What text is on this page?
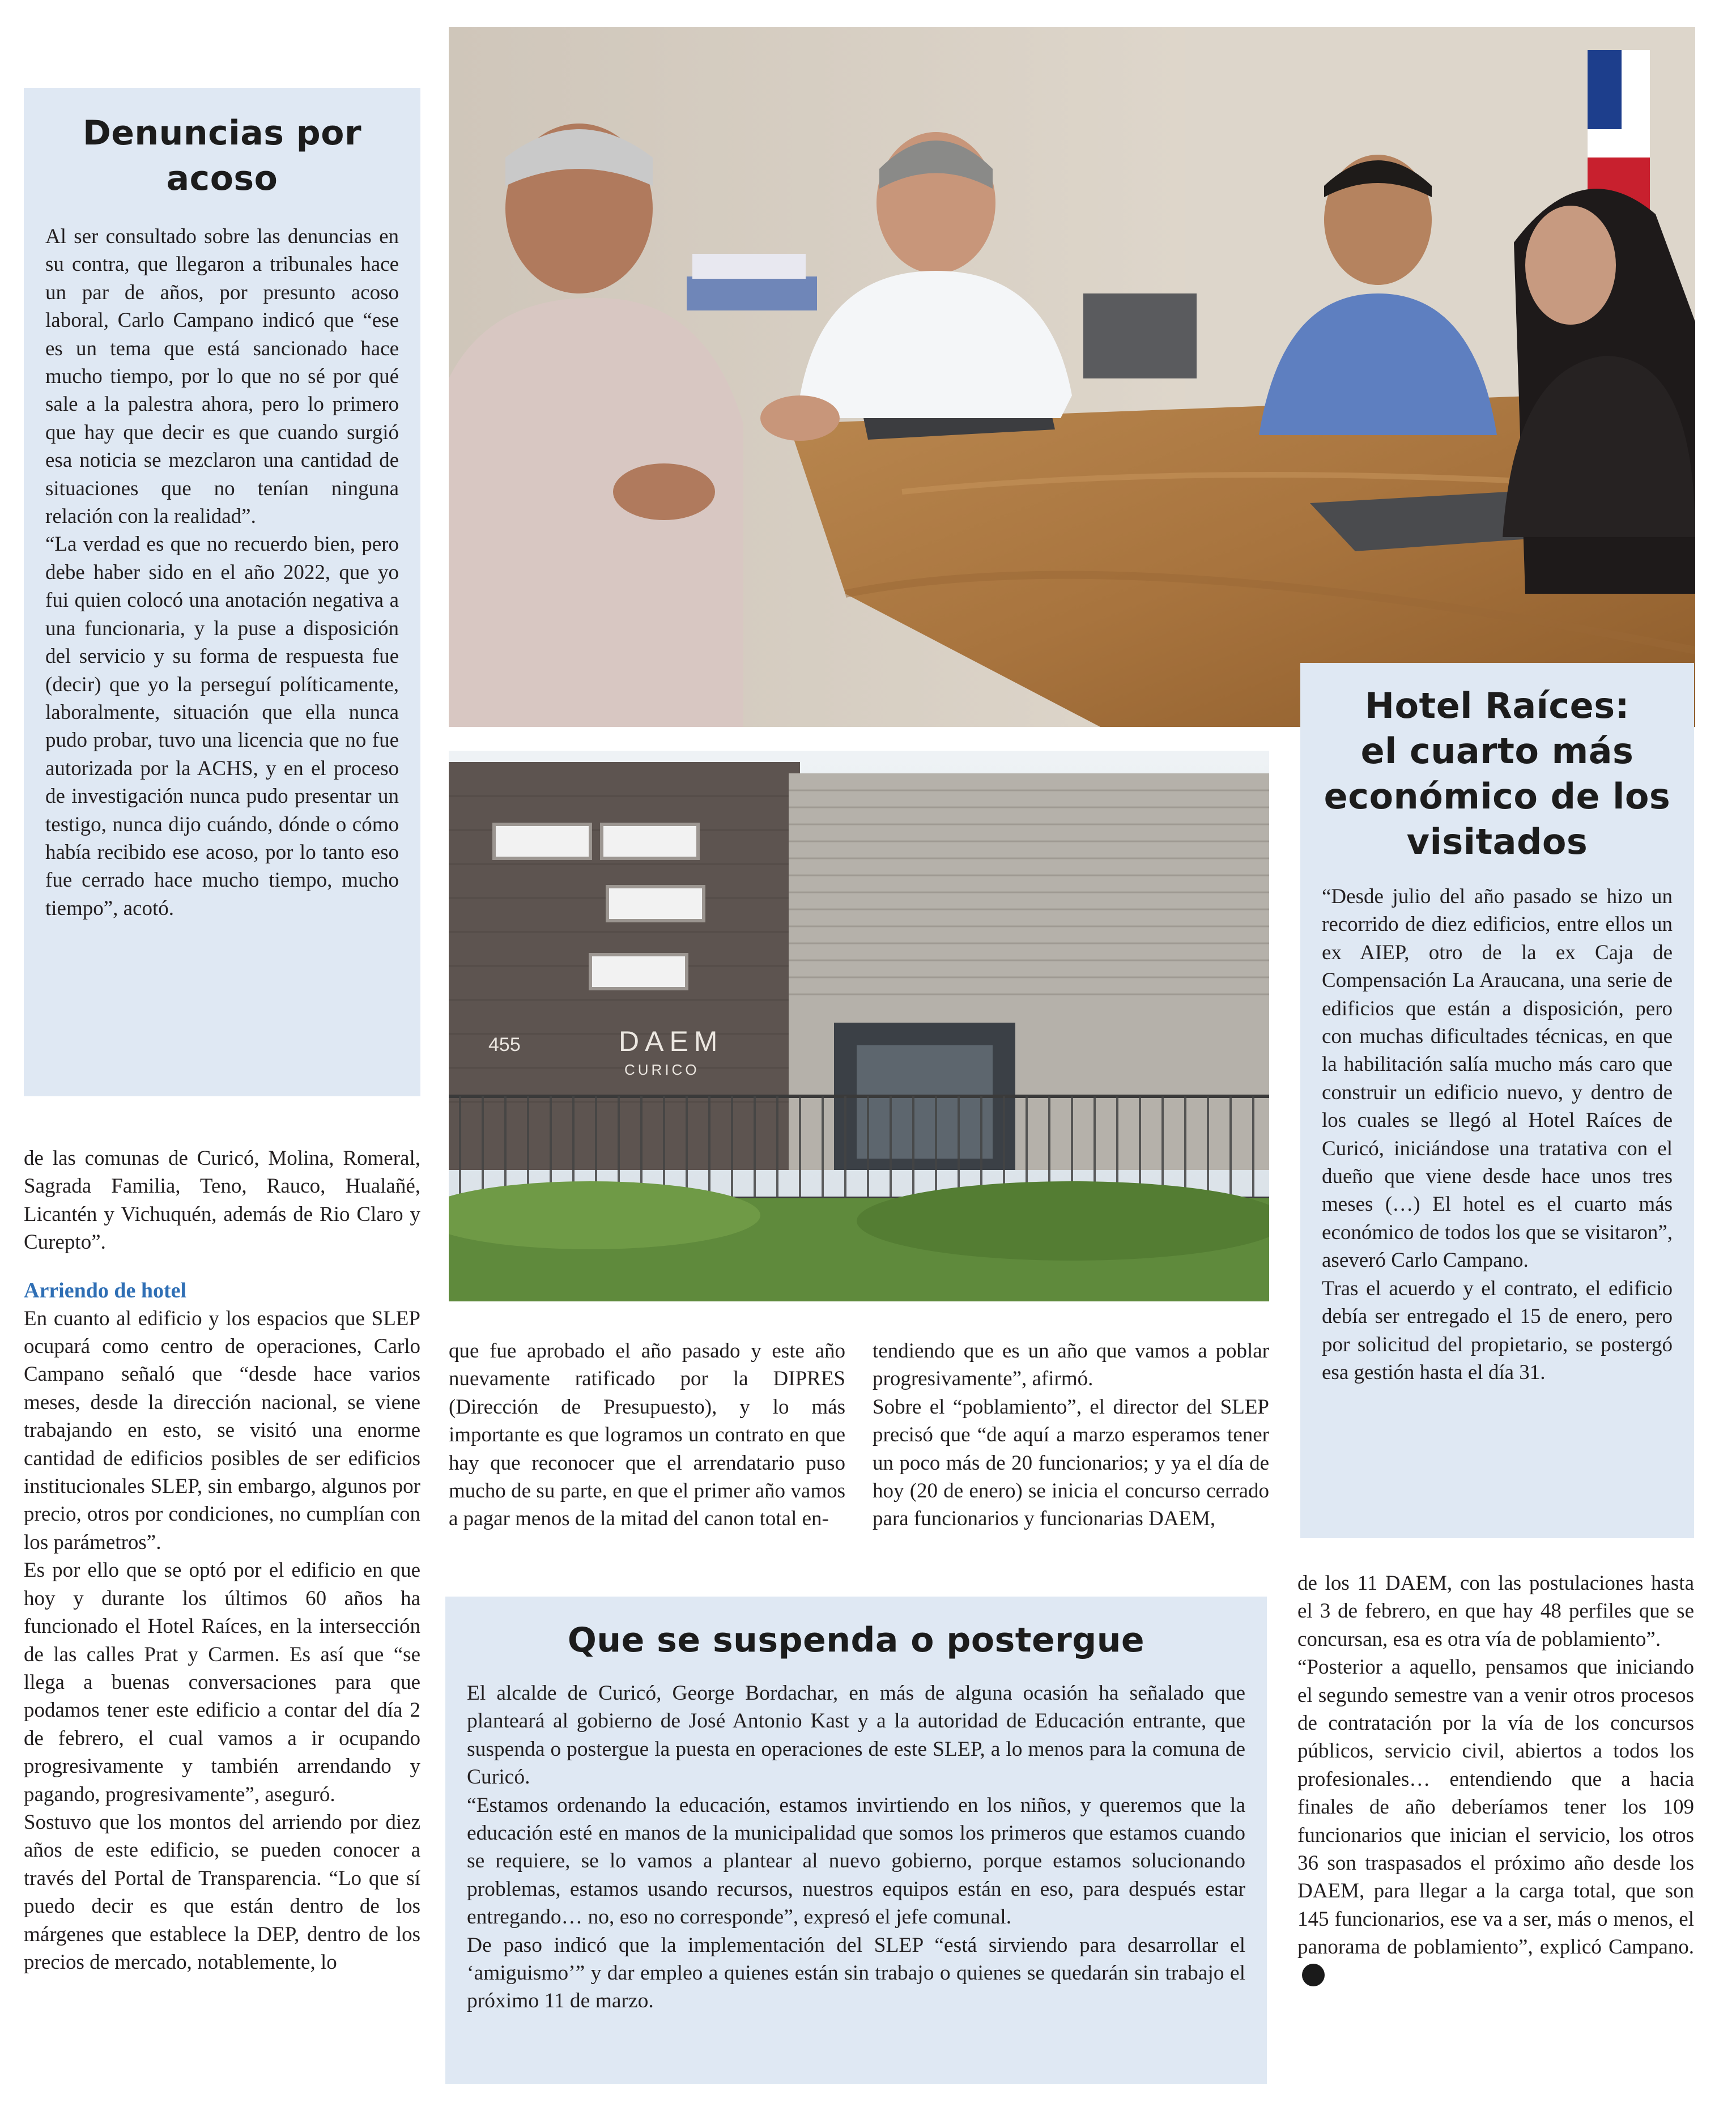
Denuncias por acoso

Al ser consultado sobre las denuncias en su contra, que llegaron a tribunales hace un par de años, por presunto acoso laboral, Carlo Campano indicó que “ese es un tema que está sancionado hace mucho tiempo, por lo que no sé por qué sale a la palestra ahora, pero lo primero que hay que decir es que cuando surgió esa noticia se mezclaron una cantidad de situaciones que no tenían ninguna relación con la realidad”.

“La verdad es que no recuerdo bien, pero debe haber sido en el año 2022, que yo fui quien colocó una anotación negativa a una funcionaria, y la puse a disposición del servicio y su forma de respuesta fue (decir) que yo la perseguí políticamente, laboralmente, situación que ella nunca pudo probar, tuvo una licencia que no fue autorizada por la ACHS, y en el proceso de investigación nunca pudo presentar un testigo, nunca dijo cuándo, dónde o cómo había recibido ese acoso, por lo tanto eso fue cerrado hace mucho tiempo, mucho tiempo”, acotó.

455	DAEM
CURICO
Hotel Raíces:
el cuarto más
económico de los
visitados

“Desde julio del año pasado se hizo un recorrido de diez edificios, entre ellos un ex AIEP, otro de la ex Caja de Compensación La Araucana, una serie de edificios que están a disposición, pero con muchas dificultades técnicas, en que la habilitación salía mucho más caro que construir un edificio nuevo, y dentro de los cuales se llegó al Hotel Raíces de Curicó, iniciándose una tratativa con el dueño que viene desde hace unos tres meses (…) El hotel es el cuarto más económico de todos los que se visitaron”, aseveró Carlo Campano.

Tras el acuerdo y el contrato, el edificio debía ser entregado el 15 de enero, pero por solicitud del propietario, se postergó esa gestión hasta el día 31.

de las comunas de Curicó, Molina, Romeral, Sagrada Familia, Teno, Rauco, Hualañé, Licantén y Vichuquén, además de Rio Claro y Curepto”.

Arriendo de hotel

En cuanto al edificio y los espacios que SLEP ocupará como centro de operaciones, Carlo Campano señaló que “desde hace varios meses, desde la dirección nacional, se viene trabajando en esto, se visitó una enorme cantidad de edificios posibles de ser edificios institucionales SLEP, sin embargo, algunos por precio, otros por condiciones, no cumplían con los parámetros”.

Es por ello que se optó por el edificio en que hoy y durante los últimos 60 años ha funcionado el Hotel Raíces, en la intersección de las calles Prat y Carmen. Es así que “se llega a buenas conversaciones para que podamos tener este edificio a contar del día 2 de febrero, el cual vamos a ir ocupando progresivamente y también arrendando y pagando, progresivamente”, aseguró.

Sostuvo que los montos del arriendo por diez años de este edificio, se pueden conocer a través del Portal de Transparencia. “Lo que sí puedo decir es que están dentro de los márgenes que establece la DEP, dentro de los precios de mercado, notablemente, lo

que fue aprobado el año pasado y este año nuevamente ratificado por la DIPRES (Dirección de Presupuesto), y lo más importante es que logramos un contrato en que hay que reconocer que el arrendatario puso mucho de su parte, en que el primer año vamos a pagar menos de la mitad del canon total en-

tendiendo que es un año que vamos a poblar progresivamente”, afirmó.

Sobre el “poblamiento”, el director del SLEP precisó que “de aquí a marzo esperamos tener un poco más de 20 funcionarios; y ya el día de hoy (20 de enero) se inicia el concurso cerrado para funcionarios y funcionarias DAEM,

Que se suspenda o postergue

El alcalde de Curicó, George Bordachar, en más de alguna ocasión ha señalado que planteará al gobierno de José Antonio Kast y a la autoridad de Educación entrante, que suspenda o postergue la puesta en operaciones de este SLEP, a lo menos para la comuna de Curicó.

“Estamos ordenando la educación, estamos invirtiendo en los niños, y queremos que la educación esté en manos de la municipalidad que somos los primeros que estamos cuando se requiere, se lo vamos a plantear al nuevo gobierno, porque estamos solucionando problemas, estamos usando recursos, nuestros equipos están en eso, para después estar entregando… no, eso no corresponde”, expresó el jefe comunal.

De paso indicó que la implementación del SLEP “está sirviendo para desarrollar el ‘amiguismo’” y dar empleo a quienes están sin trabajo o quienes se quedarán sin trabajo el próximo 11 de marzo.

de los 11 DAEM, con las postulaciones hasta el 3 de febrero, en que hay 48 perfiles que se concursan, esa es otra vía de poblamiento”.

“Posterior a aquello, pensamos que iniciando el segundo semestre van a venir otros procesos de contratación por la vía de los concursos públicos, servicio civil, abiertos a todos los profesionales… entendiendo que a hacia finales de año deberíamos tener los 109 funcionarios que inician el servicio, los otros 36 son traspasados el próximo año desde los DAEM, para llegar a la carga total, que son 145 funcionarios, ese va a ser, más o menos, el panorama de poblamiento”, explicó Campano.
